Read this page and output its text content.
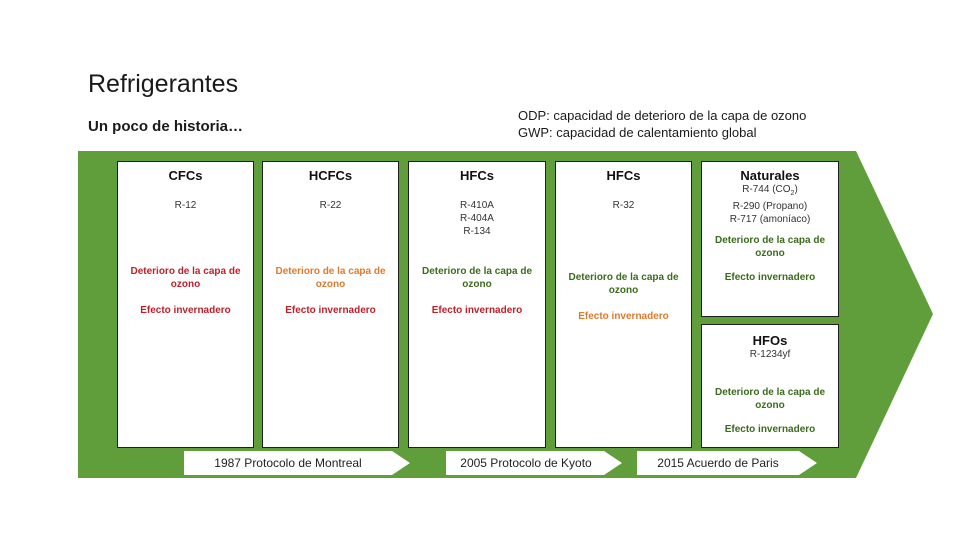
Refrigerantes
Un poco de historia…
ODP: capacidad de deterioro de la capa de ozono
GWP: capacidad de calentamiento global
CFCs
R-12
Deterioro de la capa de ozono
Efecto invernadero
HCFCs
R-22
Deterioro de la capa de ozono
Efecto invernadero
HFCs
R-410A
R-404A
R-134
Deterioro de la capa de ozono
Efecto invernadero
HFCs
R-32
Deterioro de la capa de ozono
Efecto invernadero
Naturales
R-744 $(CO_2)$
R-290 (Propano)
R-717 (amoníaco)
Deterioro de la capa de ozono
Efecto invernadero
HFOs
R-1234yf
Deterioro de la capa de ozono
Efecto invernadero
1987 Protocolo de Montreal	2005 Protocolo de Kyoto	2015 Acuerdo de Paris
